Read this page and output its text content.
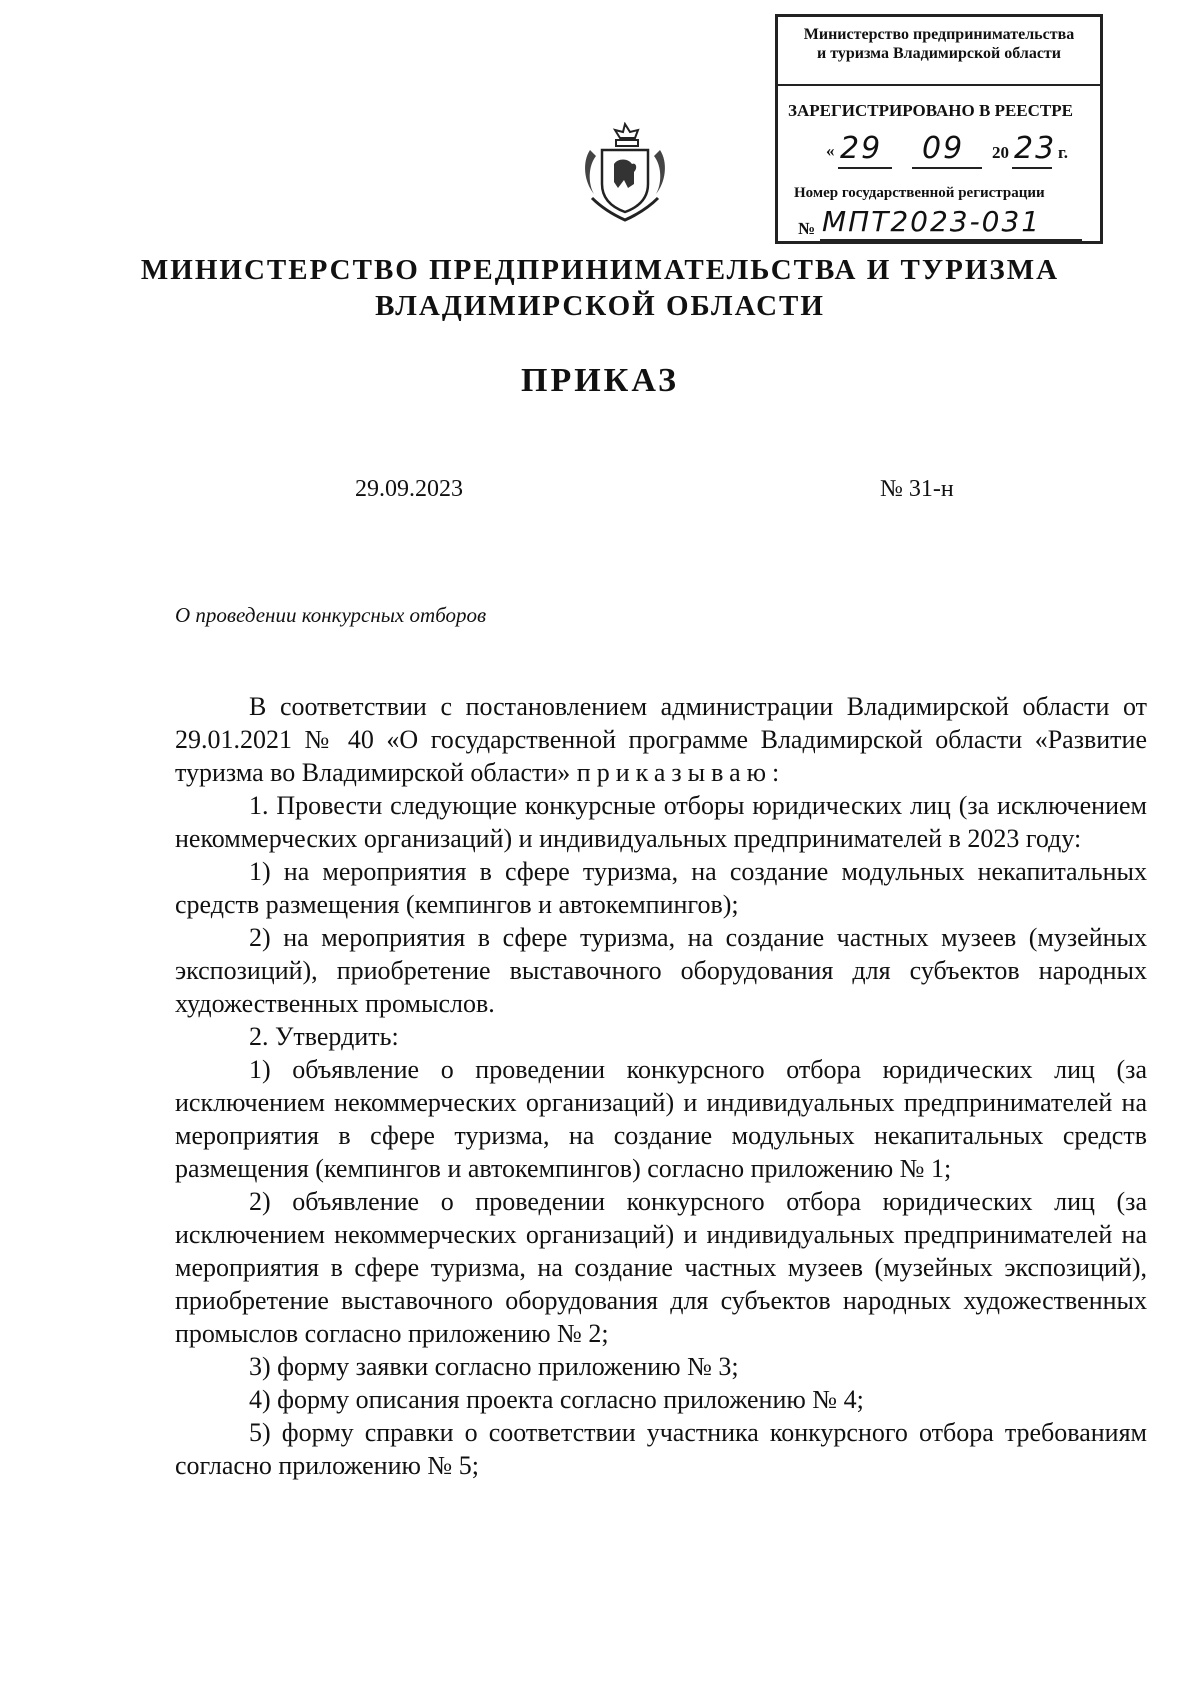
Министерство предпринимательства
и туризма Владимирской области
ЗАРЕГИСТРИРОВАНО В РЕЕСТРЕ
« 29 09 20 23 г.
Номер государственной регистрации
№ МПТ2023-031
МИНИСТЕРСТВО ПРЕДПРИНИМАТЕЛЬСТВА И ТУРИЗМА
ВЛАДИМИРСКОЙ ОБЛАСТИ
ПРИКАЗ
29.09.2023	№ 31-н
О проведении конкурсных отборов

В соответствии с постановлением администрации Владимирской области от 29.01.2021 № 40 «О государственной программе Владимирской области «Развитие туризма во Владимирской области» приказываю:

1. Провести следующие конкурсные отборы юридических лиц (за исключением некоммерческих организаций) и индивидуальных предпринимателей в 2023 году:

1) на мероприятия в сфере туризма, на создание модульных некапитальных средств размещения (кемпингов и автокемпингов);

2) на мероприятия в сфере туризма, на создание частных музеев (музейных экспозиций), приобретение выставочного оборудования для субъектов народных художественных промыслов.

2. Утвердить:

1) объявление о проведении конкурсного отбора юридических лиц (за исключением некоммерческих организаций) и индивидуальных предпринимателей на мероприятия в сфере туризма, на создание модульных некапитальных средств размещения (кемпингов и автокемпингов) согласно приложению № 1;

2) объявление о проведении конкурсного отбора юридических лиц (за исключением некоммерческих организаций) и индивидуальных предпринимателей на мероприятия в сфере туризма, на создание частных музеев (музейных экспозиций), приобретение выставочного оборудования для субъектов народных художественных промыслов согласно приложению № 2;

3) форму заявки согласно приложению № 3;

4) форму описания проекта согласно приложению № 4;

5) форму справки о соответствии участника конкурсного отбора требованиям согласно приложению № 5;
